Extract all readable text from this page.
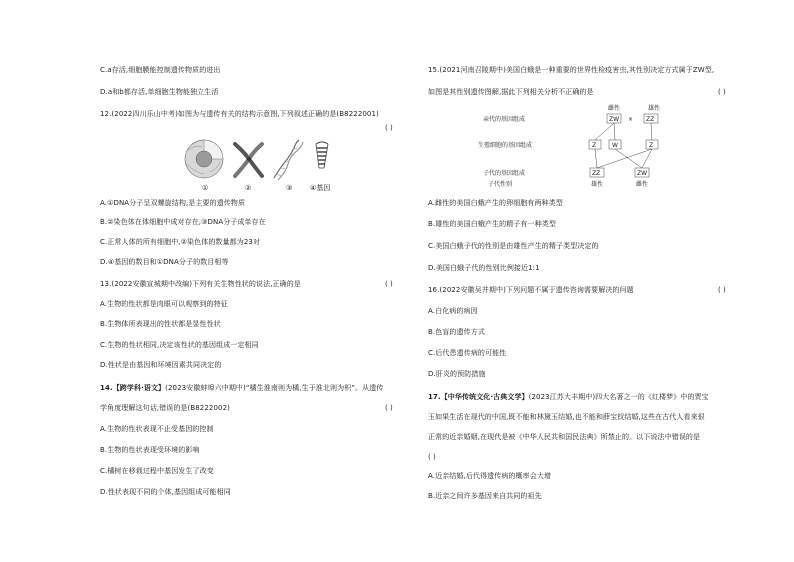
C.a存活,细胞膜能控制遗传物质的进出
D.a和b都存活,单细胞生物能独立生活
12.(2022四川乐山中考)如图为与遗传有关的结构示意图,下列叙述正确的是(B8222001)
( )
①	②	③	④基因
A.①DNA分子呈双螺旋结构,是主要的遗传物质
B.②染色体在体细胞中成对存在,③DNA分子成单存在
C.正常人体的所有细胞中,②染色体的数量都为23对
D.④基因的数目和①DNA分子的数目相等
13.(2022安徽宣城期中改编)下列有关生物性状的说法,正确的是	( )
A.生物的性状都是肉眼可以观察到的特征
B.生物体所表现出的性状都是显性性状
C.生物的性状相同,决定该性状的基因组成一定相同
D.性状是由基因和环境因素共同决定的
14.【跨学科·语文】(2023安徽蚌埠六中期中)“橘生淮南则为橘,生于淮北则为枳”。从遗传
学角度理解这句话,错误的是(B8222002)	( )
A.生物的性状表现不止受基因的控制
B.生物的性状表现受环境的影响
C.橘树在移栽过程中基因发生了改变
D.性状表现不同的个体,基因组成可能相同
15.(2021河南召陵期中)美国白蛾是一种重要的世界性检疫害虫,其性别决定方式属于ZW型,
如图是其性别遗传图解,据此下列相关分析不正确的是	( )
雌性	雄性
亲代的基因组成
生殖细胞的基因组成
子代的基因组成
子代性别
×
ZW	ZZ
Z	W	Z
ZZ	ZW
雄性	雌性
A.雌性的美国白蛾产生的卵细胞有两种类型
B.雄性的美国白蛾产生的精子有一种类型
C.美国白蛾子代的性别是由雄性产生的精子类型决定的
D.美国白蛾子代的性别比例接近1:1
16.(2022安徽吴井期中)下列问题不属于遗传咨询需要解决的问题	( )
A.白化病的病因
B.色盲的遗传方式
C.后代患遗传病的可能性
D.肝炎的预防措施
17.【中华传统文化·古典文学】(2023江苏大丰期中)四大名著之一的《红楼梦》中的贾宝
玉如果生活在现代的中国,既不能和林黛玉结婚,也不能和薛宝钗结婚,这些在古代人看来很
正常的近亲婚姻,在现代是被《中华人民共和国民法典》所禁止的。以下说法中错误的是
( )
A.近亲结婚,后代得遗传病的概率会大增
B.近亲之间许多基因来自共同的祖先
